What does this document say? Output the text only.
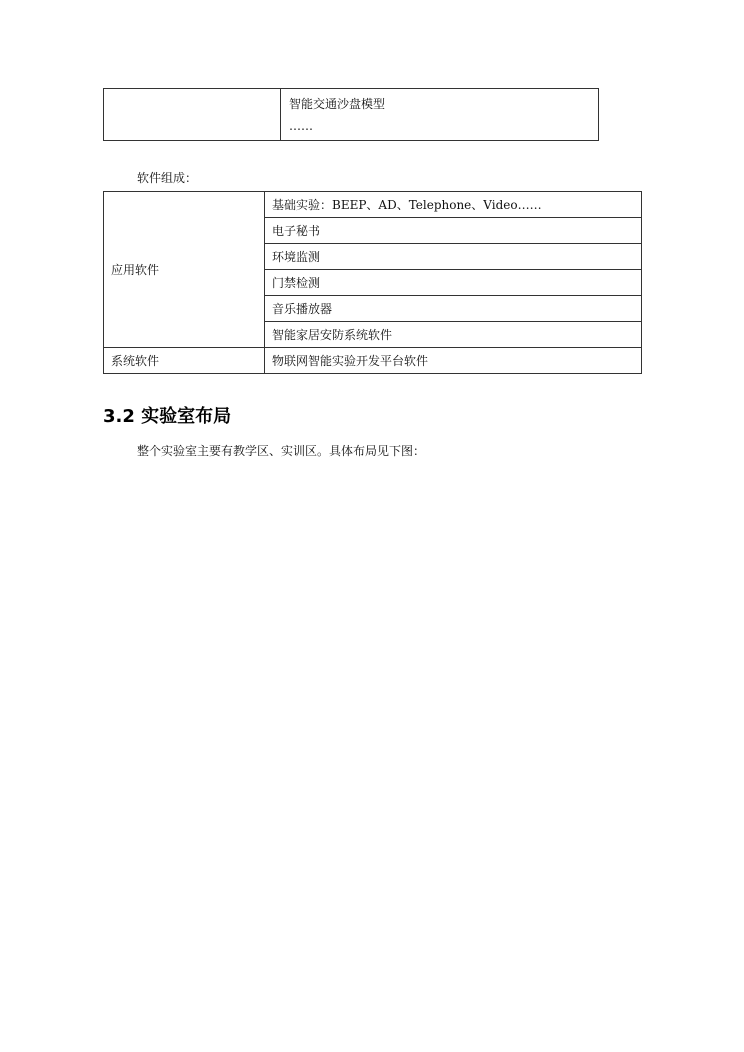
智能交通沙盘模型
……
软件组成：
应用软件	基础实验：BEEP、AD、Telephone、Video……
	电子秘书
	环境监测
	门禁检测
	音乐播放器
	智能家居安防系统软件
系统软件	物联网智能实验开发平台软件
3.2 实验室布局
整个实验室主要有教学区、实训区。具体布局见下图：
